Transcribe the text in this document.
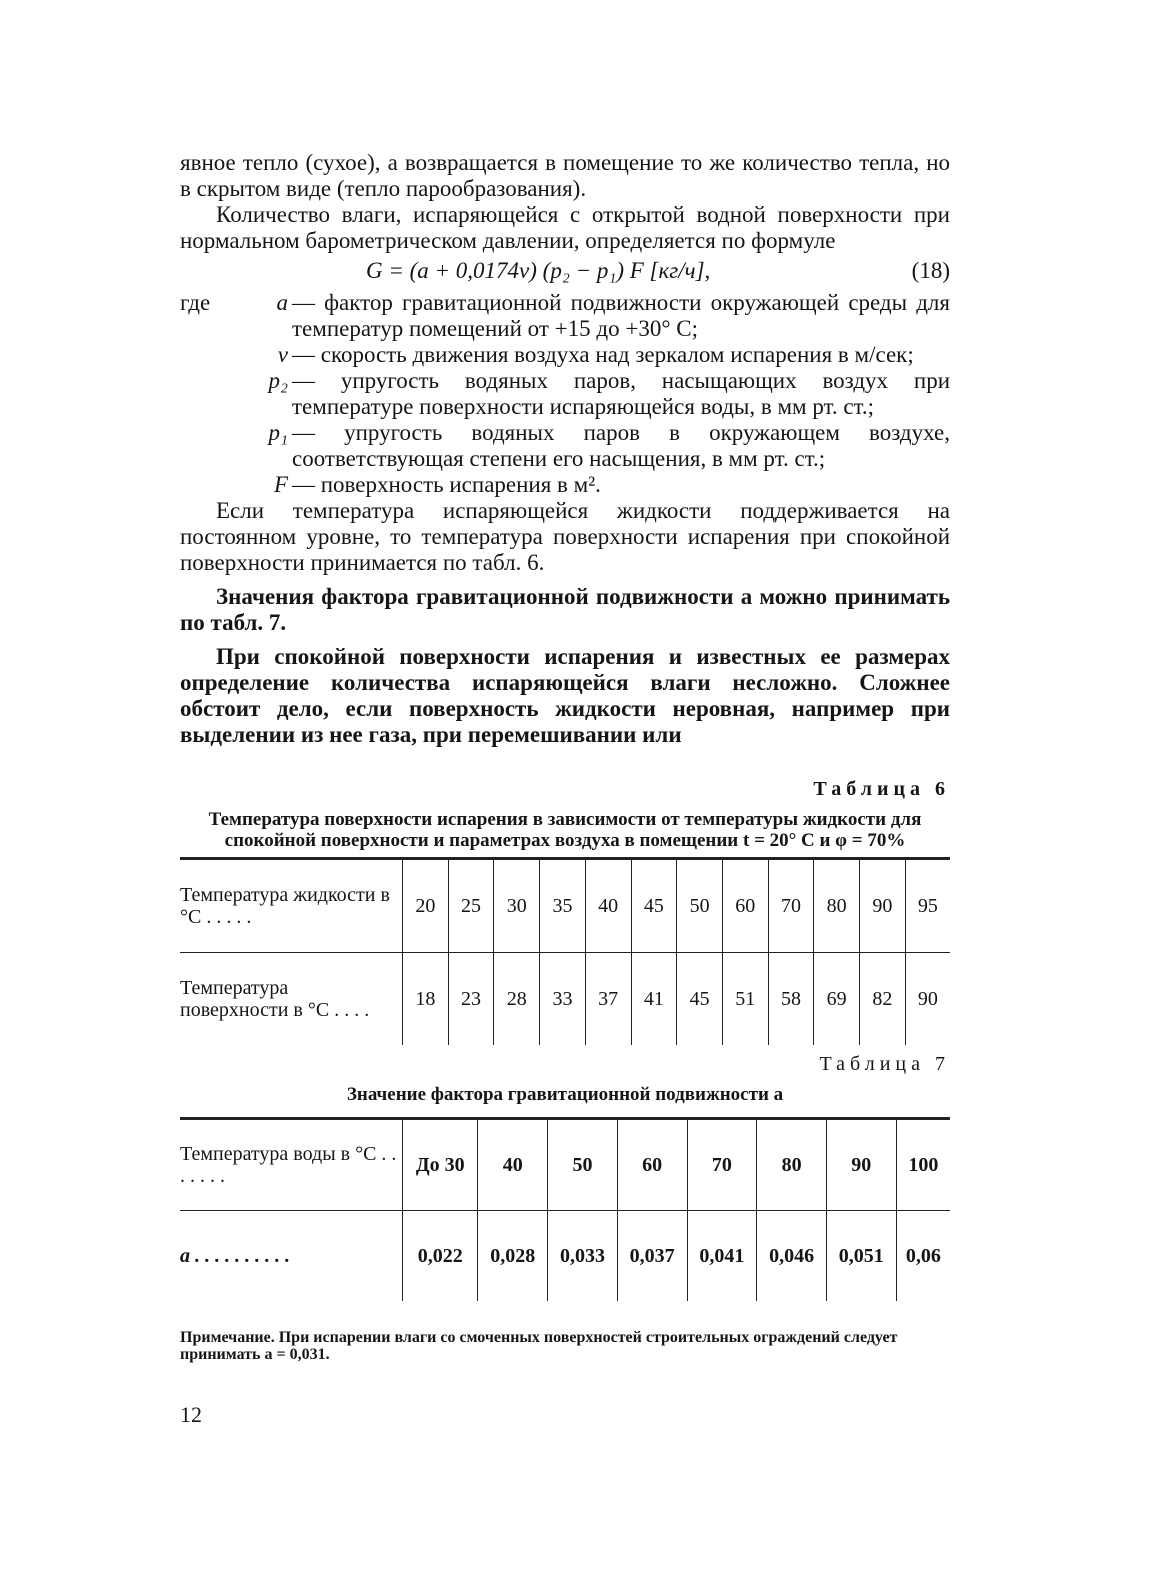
явное тепло (сухое), а возвращается в помещение то же количество тепла, но в скрытом виде (тепло парообразования).

Количество влаги, испаряющейся с открытой водной поверхности при нормальном барометрическом давлении, определяется по формуле

G = (a + 0,0174v) (p₂ − p₁) F [кг/ч],	(18)
где	a — фактор гравитационной подвижности окружающей среды для температур помещений от +15 до +30° С;
v — скорость движения воздуха над зеркалом испарения в м/сек;
p₂ — упругость водяных паров, насыщающих воздух при температуре поверхности испаряющейся воды, в мм рт. ст.;
p₁ — упругость водяных паров в окружающем воздухе, соответствующая степени его насыщения, в мм рт. ст.;
F — поверхность испарения в м².

Если температура испаряющейся жидкости поддерживается на постоянном уровне, то температура поверхности испарения при спокойной поверхности принимается по табл. 6.

Значения фактора гравитационной подвижности a можно принимать по табл. 7.

При спокойной поверхности испарения и известных ее размерах определение количества испаряющейся влаги несложно. Сложнее обстоит дело, если поверхность жидкости неровная, например при выделении из нее газа, при перемешивании или

Таблица 6
Температура поверхности испарения в зависимости от температуры жидкости для спокойной поверхности и параметрах воздуха в помещении t = 20° С и φ = 70%
Температура жидкости в °С . . . . .	20	25	30	35	40	45	50	60	70	80	90	95
Температура поверхности в °С . . . .	18	23	28	33	37	41	45	51	58	69	82	90
Таблица 7
Значение фактора гравитационной подвижности a
Температура воды в °С . . . . . . .	До 30	40	50	60	70	80	90	100
a . . . . . . . . . .	0,022	0,028	0,033	0,037	0,041	0,046	0,051	0,06
Примечание. При испарении влаги со смоченных поверхностей строительных ограждений следует принимать a = 0,031.
12
